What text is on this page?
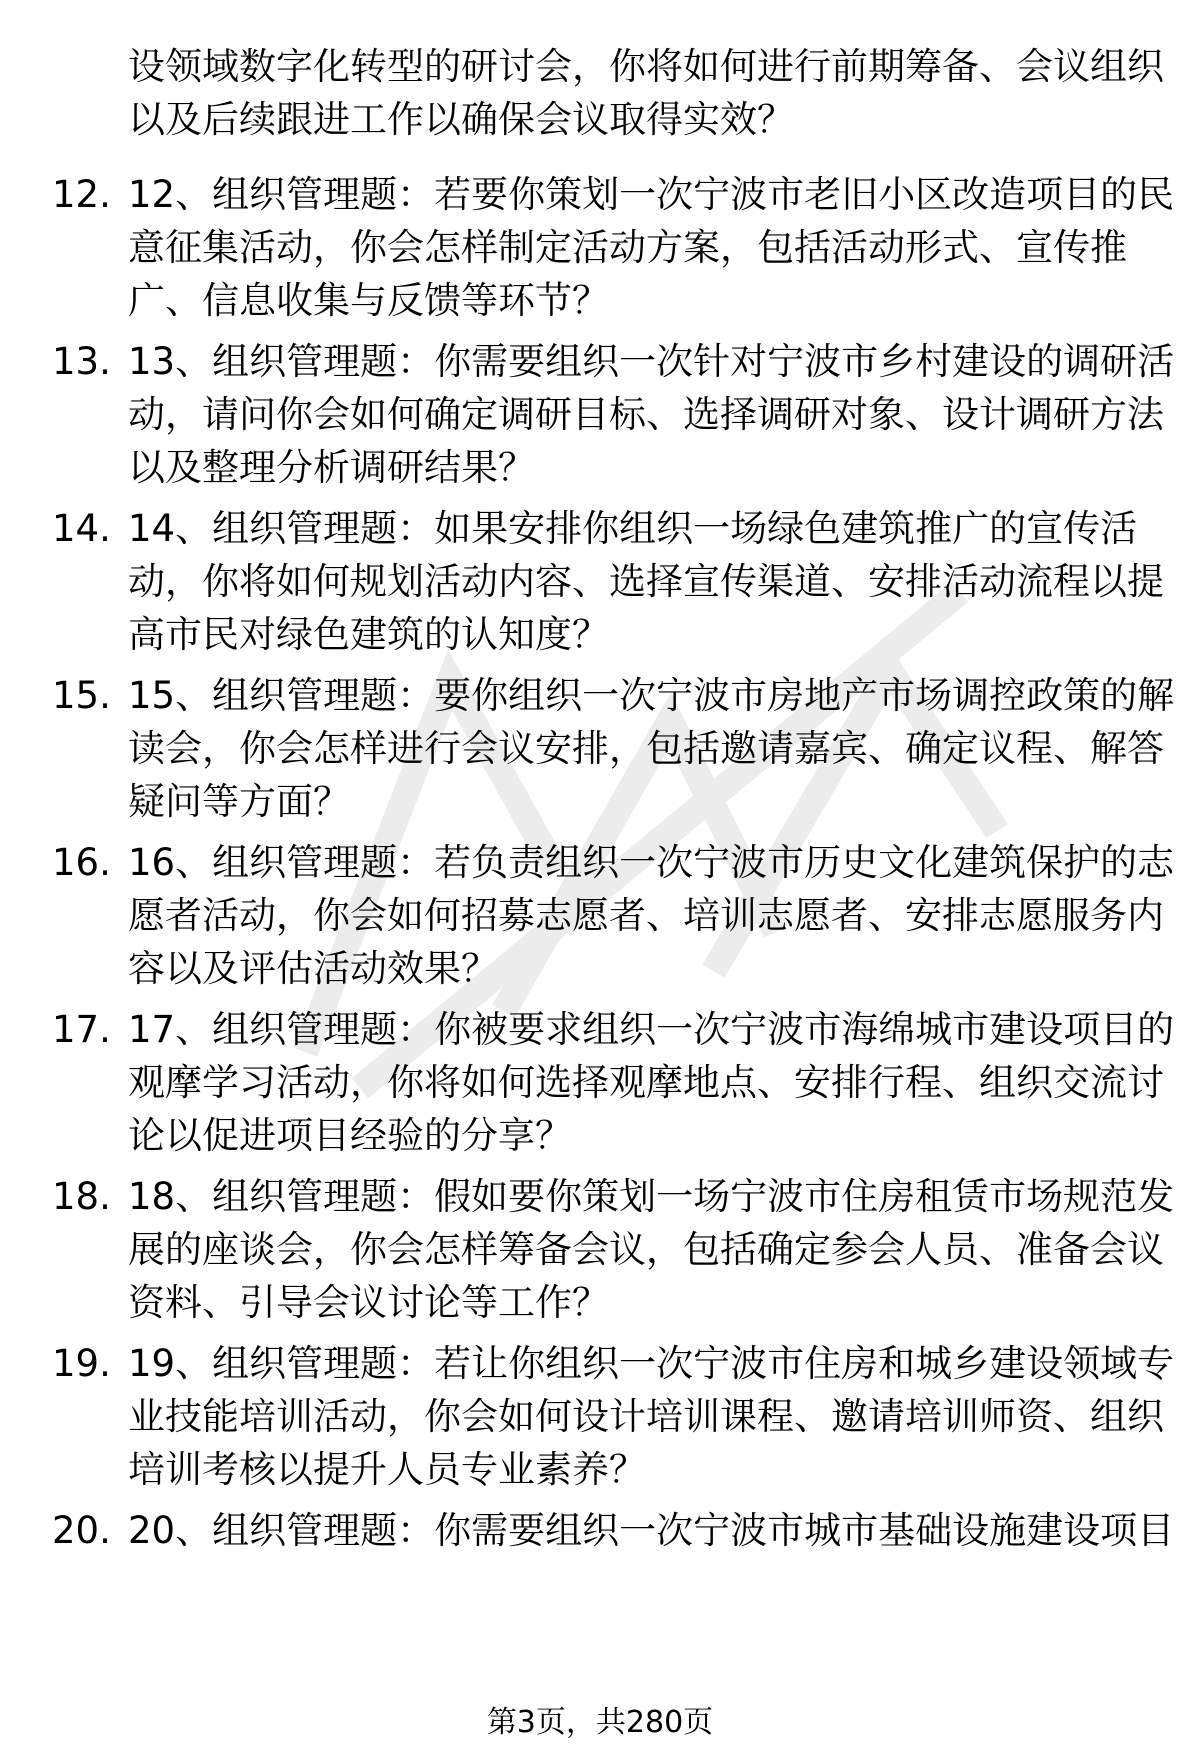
设领域数字化转型的研讨会，你将如何进行前期筹备、会议组织
以及后续跟进工作以确保会议取得实效？
12. 12、组织管理题：若要你策划一次宁波市老旧小区改造项目的民
意征集活动，你会怎样制定活动方案，包括活动形式、宣传推
广、信息收集与反馈等环节？
13. 13、组织管理题：你需要组织一次针对宁波市乡村建设的调研活
动，请问你会如何确定调研目标、选择调研对象、设计调研方法
以及整理分析调研结果？
14. 14、组织管理题：如果安排你组织一场绿色建筑推广的宣传活
动，你将如何规划活动内容、选择宣传渠道、安排活动流程以提
高市民对绿色建筑的认知度？
15. 15、组织管理题：要你组织一次宁波市房地产市场调控政策的解
读会，你会怎样进行会议安排，包括邀请嘉宾、确定议程、解答
疑问等方面？
16. 16、组织管理题：若负责组织一次宁波市历史文化建筑保护的志
愿者活动，你会如何招募志愿者、培训志愿者、安排志愿服务内
容以及评估活动效果？
17. 17、组织管理题：你被要求组织一次宁波市海绵城市建设项目的
观摩学习活动，你将如何选择观摩地点、安排行程、组织交流讨
论以促进项目经验的分享？
18. 18、组织管理题：假如要你策划一场宁波市住房租赁市场规范发
展的座谈会，你会怎样筹备会议，包括确定参会人员、准备会议
资料、引导会议讨论等工作？
19. 19、组织管理题：若让你组织一次宁波市住房和城乡建设领域专
业技能培训活动，你会如何设计培训课程、邀请培训师资、组织
培训考核以提升人员专业素养？
20. 20、组织管理题：你需要组织一次宁波市城市基础设施建设项目
第3页，共280页
